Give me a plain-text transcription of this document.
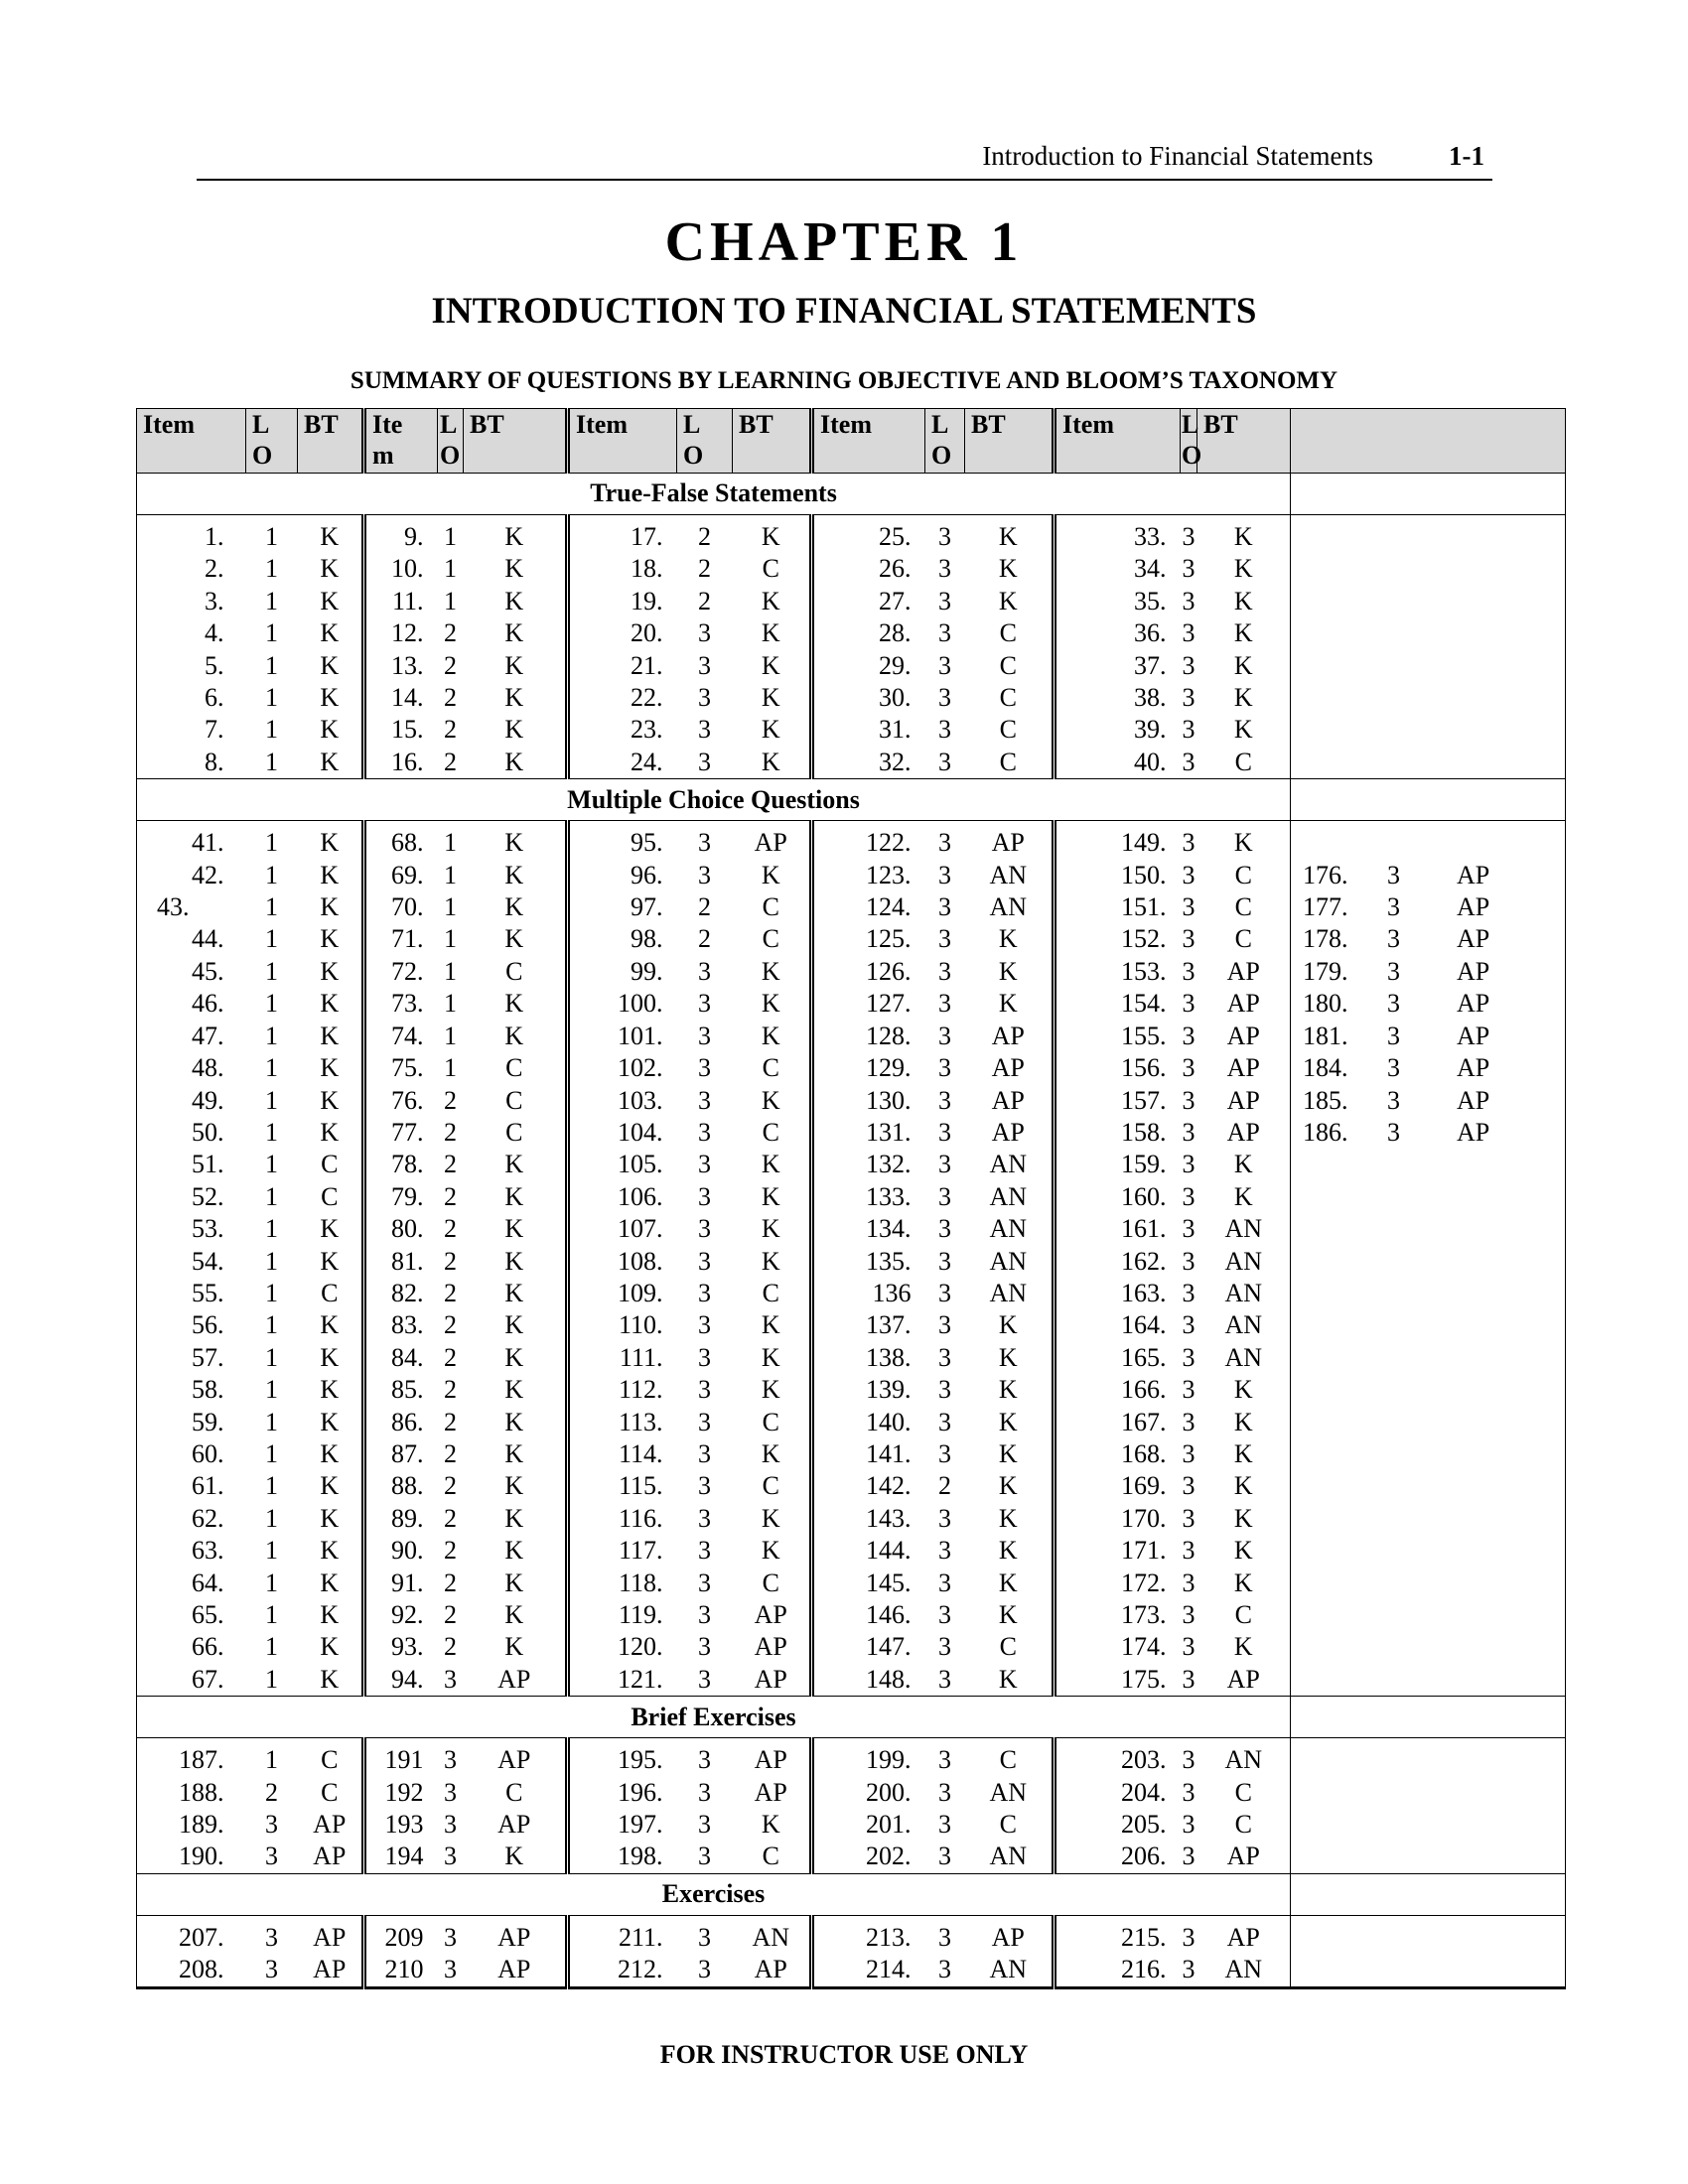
Introduction to Financial Statements	1-1
CHAPTER 1
INTRODUCTION TO FINANCIAL STATEMENTS
SUMMARY OF QUESTIONS BY LEARNING OBJECTIVE AND BLOOM’S TAXONOMY
Item	L O	BT	Ite m	L O	BT	Item	L O	BT	Item	L O	BT	Item	L O	BT	
True-False Statements															
1.	1	K	9.	1	K	17.	2	K	25.	3	K	33.	3	K	
2.	1	K	10.	1	K	18.	2	C	26.	3	K	34.	3	K	
3.	1	K	11.	1	K	19.	2	K	27.	3	K	35.	3	K	
4.	1	K	12.	2	K	20.	3	K	28.	3	C	36.	3	K	
5.	1	K	13.	2	K	21.	3	K	29.	3	C	37.	3	K	
6.	1	K	14.	2	K	22.	3	K	30.	3	C	38.	3	K	
7.	1	K	15.	2	K	23.	3	K	31.	3	C	39.	3	K	
8.	1	K	16.	2	K	24.	3	K	32.	3	C	40.	3	C	
Multiple Choice Questions															
41.	1	K	68.	1	K	95.	3	AP	122.	3	AP	149.	3	K	
42.	1	K	69.	1	K	96.	3	K	123.	3	AN	150.	3	C	176. 3 AP
43.	1	K	70.	1	K	97.	2	C	124.	3	AN	151.	3	C	177. 3 AP
44.	1	K	71.	1	K	98.	2	C	125.	3	K	152.	3	C	178. 3 AP
45.	1	K	72.	1	C	99.	3	K	126.	3	K	153.	3	AP	179. 3 AP
46.	1	K	73.	1	K	100.	3	K	127.	3	K	154.	3	AP	180. 3 AP
47.	1	K	74.	1	K	101.	3	K	128.	3	AP	155.	3	AP	181. 3 AP
48.	1	K	75.	1	C	102.	3	C	129.	3	AP	156.	3	AP	184. 3 AP
49.	1	K	76.	2	C	103.	3	K	130.	3	AP	157.	3	AP	185. 3 AP
50.	1	K	77.	2	C	104.	3	C	131.	3	AP	158.	3	AP	186. 3 AP
51.	1	C	78.	2	K	105.	3	K	132.	3	AN	159.	3	K	
52.	1	C	79.	2	K	106.	3	K	133.	3	AN	160.	3	K	
53.	1	K	80.	2	K	107.	3	K	134.	3	AN	161.	3	AN	
54.	1	K	81.	2	K	108.	3	K	135.	3	AN	162.	3	AN	
55.	1	C	82.	2	K	109.	3	C	136	3	AN	163.	3	AN	
56.	1	K	83.	2	K	110.	3	K	137.	3	K	164.	3	AN	
57.	1	K	84.	2	K	111.	3	K	138.	3	K	165.	3	AN	
58.	1	K	85.	2	K	112.	3	K	139.	3	K	166.	3	K	
59.	1	K	86.	2	K	113.	3	C	140.	3	K	167.	3	K	
60.	1	K	87.	2	K	114.	3	K	141.	3	K	168.	3	K	
61.	1	K	88.	2	K	115.	3	C	142.	2	K	169.	3	K	
62.	1	K	89.	2	K	116.	3	K	143.	3	K	170.	3	K	
63.	1	K	90.	2	K	117.	3	K	144.	3	K	171.	3	K	
64.	1	K	91.	2	K	118.	3	C	145.	3	K	172.	3	K	
65.	1	K	92.	2	K	119.	3	AP	146.	3	K	173.	3	C	
66.	1	K	93.	2	K	120.	3	AP	147.	3	C	174.	3	K	
67.	1	K	94.	3	AP	121.	3	AP	148.	3	K	175.	3	AP	
Brief Exercises															
187.	1	C	191	3	AP	195.	3	AP	199.	3	C	203.	3	AN	
188.	2	C	192	3	C	196.	3	AP	200.	3	AN	204.	3	C	
189.	3	AP	193	3	AP	197.	3	K	201.	3	C	205.	3	C	
190.	3	AP	194	3	K	198.	3	C	202.	3	AN	206.	3	AP	
Exercises															
207.	3	AP	209	3	AP	211.	3	AN	213.	3	AP	215.	3	AP	
208.	3	AP	210	3	AP	212.	3	AP	214.	3	AN	216.	3	AN	
FOR INSTRUCTOR USE ONLY
